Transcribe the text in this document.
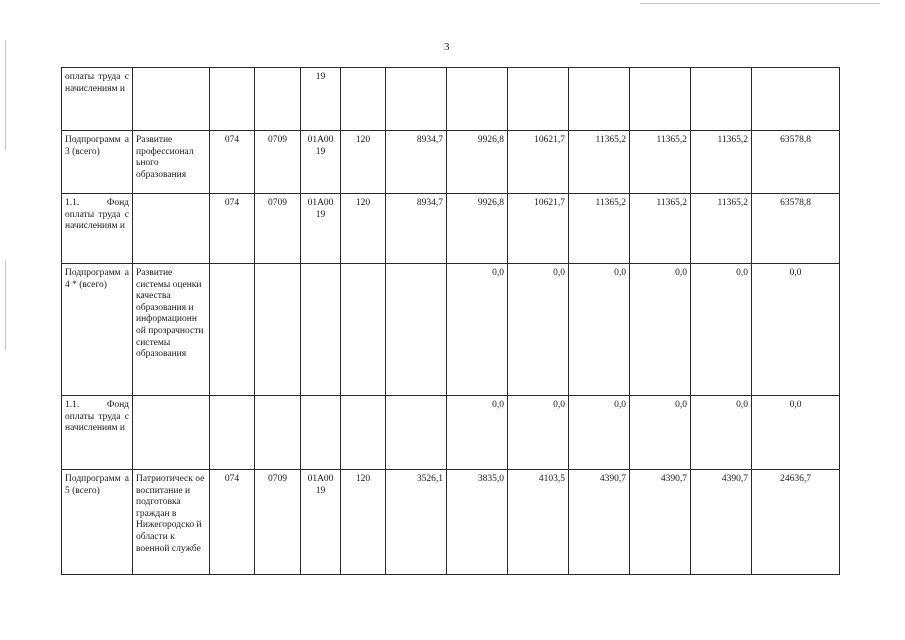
3
оплаты труда с начислениям и				19								

Подпрограмм а 3 (всего)	Развитие профессионал ьного образования	074	0709	01А00 19	120	8934,7	9926,8	10621,7	11365,2	11365,2	11365,2	63578,8

1.1. Фонд оплаты труда с начислениям и		074	0709	01А00 19	120	8934,7	9926,8	10621,7	11365,2	11365,2	11365,2	63578,8

Подпрограмм а 4 * (всего)	Развитие системы оценки качества образования и информационн ой прозрачности системы образования						0,0	0,0	0,0	0,0	0,0	0,0

1.1. Фонд оплаты труда с начислениям и							0,0	0,0	0,0	0,0	0,0	0,0

Подпрограмм а 5 (всего)	Патриотическ ое воспитание и подготовка граждан в Нижегородско й области к военной службе	074	0709	01А00 19	120	3526,1	3835,0	4103,5	4390,7	4390,7	4390,7	24636,7
